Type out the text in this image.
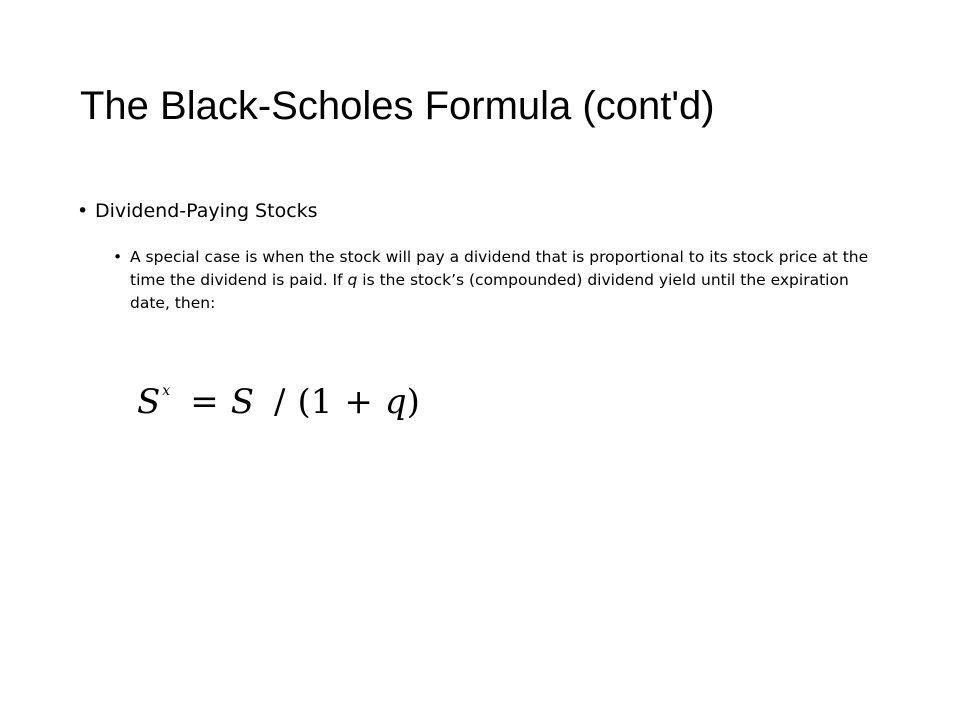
The Black-Scholes Formula (cont'd)
• Dividend-Paying Stocks
• A special case is when the stock will pay a dividend that is proportional to its stock price at the time the dividend is paid. If q is the stock’s (compounded) dividend yield until the expiration date, then:
S $^x$ = S / (1 + q)
